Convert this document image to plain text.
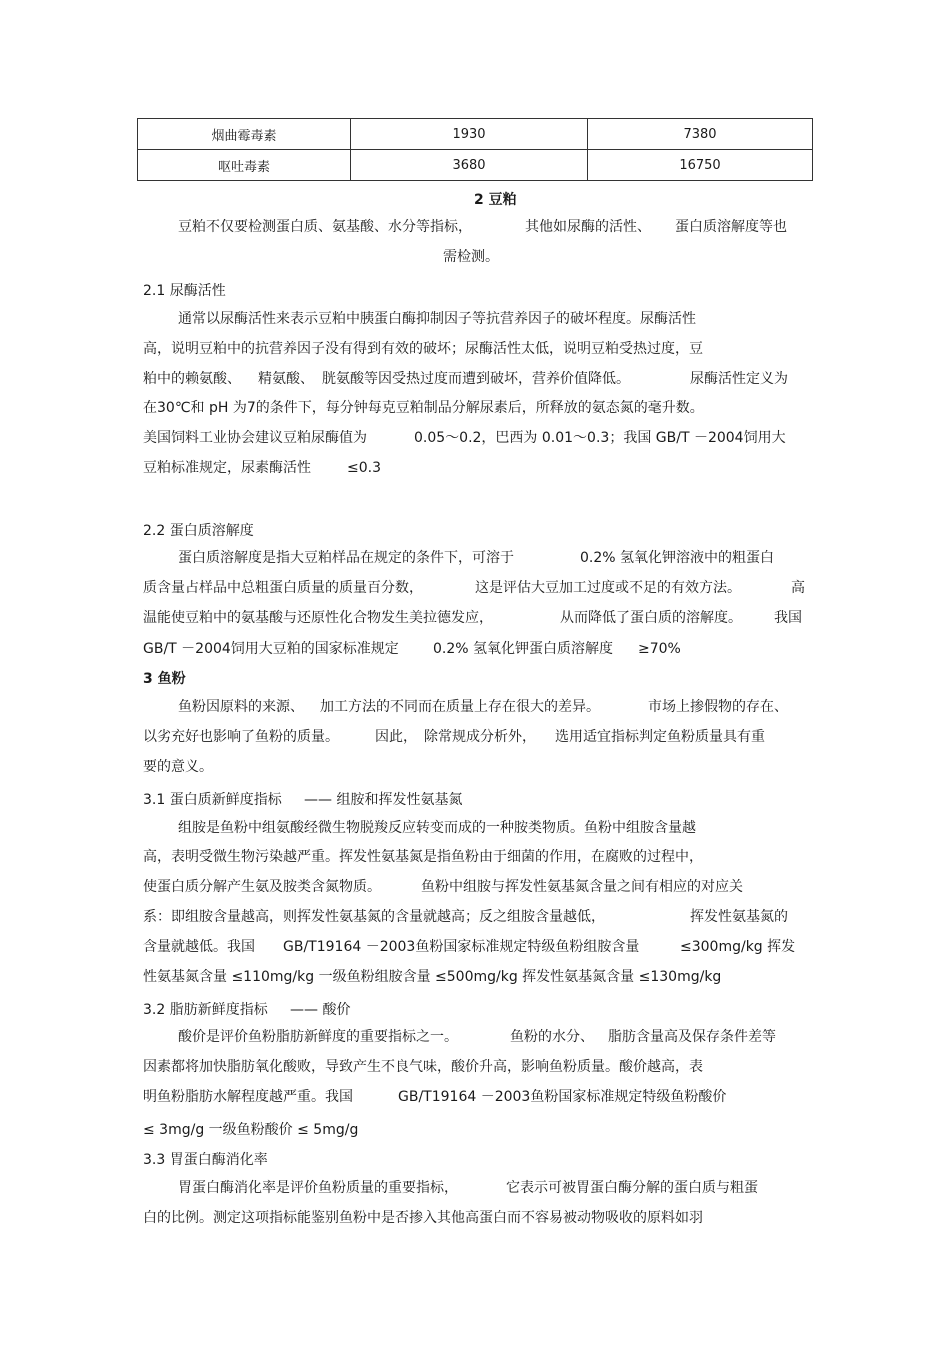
烟曲霉毒素	1930	7380
呕吐毒素	3680	16750
2 豆粕
豆粕不仅要检测蛋白质、氨基酸、水分等指标，	其他如尿酶的活性、 蛋白质溶解度等也
需检测。
2.1 尿酶活性
通常以尿酶活性来表示豆粕中胰蛋白酶抑制因子等抗营养因子的破坏程度。尿酶活性
高，说明豆粕中的抗营养因子没有得到有效的破坏；尿酶活性太低，说明豆粕受热过度，豆
粕中的赖氨酸、 精氨酸、 胱氨酸等因受热过度而遭到破坏，营养价值降低。	尿酶活性定义为
在30℃和 pH 为7的条件下，每分钟每克豆粕制品分解尿素后，所释放的氨态氮的毫升数。
美国饲料工业协会建议豆粕尿酶值为	0.05～0.2，巴西为 0.01～0.3；我国 GB/T －2004饲用大
豆粕标准规定，尿素酶活性	≤0.3
2.2 蛋白质溶解度
蛋白质溶解度是指大豆粕样品在规定的条件下，可溶于	0.2% 氢氧化钾溶液中的粗蛋白
质含量占样品中总粗蛋白质量的质量百分数，	这是评估大豆加工过度或不足的有效方法。	高
温能使豆粕中的氨基酸与还原性化合物发生美拉德发应，	从而降低了蛋白质的溶解度。 我国
GB/T －2004饲用大豆粕的国家标准规定 0.2% 氢氧化钾蛋白质溶解度 ≥70%
3 鱼粉
鱼粉因原料的来源、 加工方法的不同而在质量上存在很大的差异。	市场上掺假物的存在、
以劣充好也影响了鱼粉的质量。	因此， 除常规成分析外， 选用适宜指标判定鱼粉质量具有重
要的意义。
3.1 蛋白质新鲜度指标 —— 组胺和挥发性氨基氮
组胺是鱼粉中组氨酸经微生物脱羧反应转变而成的一种胺类物质。鱼粉中组胺含量越
高，表明受微生物污染越严重。挥发性氨基氮是指鱼粉由于细菌的作用，在腐败的过程中，
使蛋白质分解产生氨及胺类含氮物质。	鱼粉中组胺与挥发性氨基氮含量之间有相应的对应关
系：即组胺含量越高，则挥发性氨基氮的含量就越高；反之组胺含量越低，	挥发性氨基氮的
含量就越低。我国 GB/T19164 －2003鱼粉国家标准规定特级鱼粉组胺含量	≤300mg/kg 挥发
性氨基氮含量 ≤110mg/kg 一级鱼粉组胺含量 ≤500mg/kg 挥发性氨基氮含量 ≤130mg/kg
3.2 脂肪新鲜度指标 —— 酸价
酸价是评价鱼粉脂肪新鲜度的重要指标之一。	鱼粉的水分、 脂肪含量高及保存条件差等
因素都将加快脂肪氧化酸败，导致产生不良气味，酸价升高，影响鱼粉质量。酸价越高，表
明鱼粉脂肪水解程度越严重。我国	GB/T19164 －2003鱼粉国家标准规定特级鱼粉酸价
≤ 3mg/g 一级鱼粉酸价 ≤ 5mg/g
3.3 胃蛋白酶消化率
胃蛋白酶消化率是评价鱼粉质量的重要指标，	它表示可被胃蛋白酶分解的蛋白质与粗蛋
白的比例。测定这项指标能鉴别鱼粉中是否掺入其他高蛋白而不容易被动物吸收的原料如羽
